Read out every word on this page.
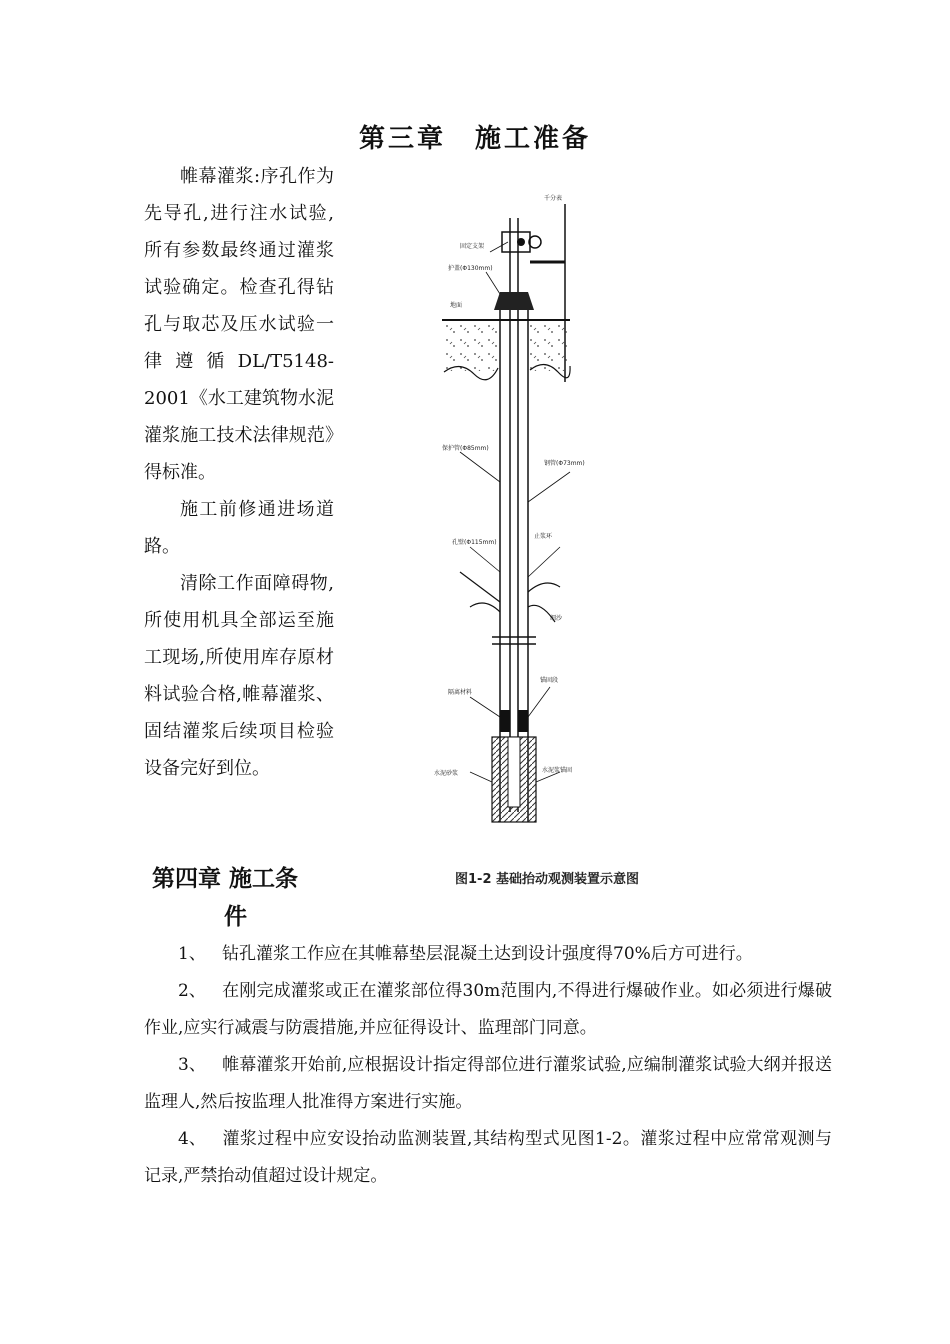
第三章　施工准备

帷幕灌浆:序孔作为先导孔,进行注水试验,所有参数最终通过灌浆试验确定。检查孔得钻孔与取芯及压水试验一律遵循DL/T5148-2001《水工建筑物水泥灌浆施工技术法律规范》得标准。

施工前修通进场道路。

清除工作面障碍物,所使用机具全部运至施工现场,所使用库存原材料试验合格,帷幕灌浆、固结灌浆后续项目检验设备完好到位。

千分表
固定支架
护盖(Φ130mm)
地面
保护管(Φ85mm)
钢管(Φ73mm)
孔壁(Φ115mm)
止浆环
细沙
隔离材料
锚固段
水泥砂浆	水泥浆锚固
图1-2 基础抬动观测装置示意图
第四章 施工条
件

1、 钻孔灌浆工作应在其帷幕垫层混凝土达到设计强度得70%后方可进行。

2、 在刚完成灌浆或正在灌浆部位得30m范围内,不得进行爆破作业。如必须进行爆破作业,应实行减震与防震措施,并应征得设计、监理部门同意。

3、 帷幕灌浆开始前,应根据设计指定得部位进行灌浆试验,应编制灌浆试验大纲并报送监理人,然后按监理人批准得方案进行实施。

4、 灌浆过程中应安设抬动监测装置,其结构型式见图1-2。灌浆过程中应常常观测与记录,严禁抬动值超过设计规定。
